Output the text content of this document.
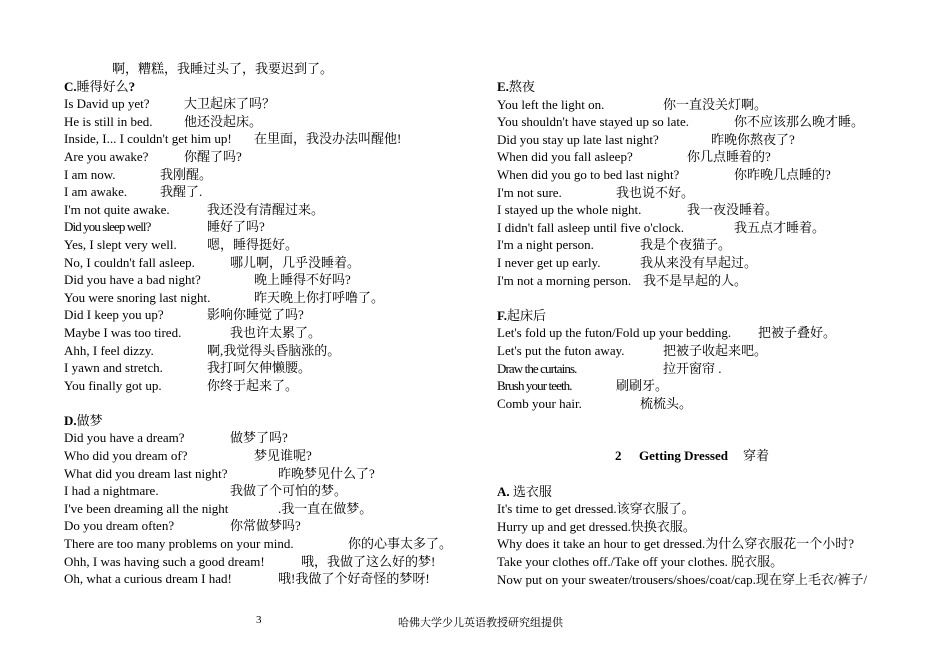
啊，糟糕，我睡过头了，我要迟到了。
C.睡得好么?
Is David up yet?	大卫起床了吗？
He is still in bed. 他还没起床。
Inside, I... I couldn't get him up! 在里面，我没办法叫醒他!
Are you awake?	你醒了吗?
I am now.	我刚醒。
I am awake.	我醒了.
I'm not quite awake.	我还没有清醒过来。
Did you sleep well?	睡好了吗?
Yes, I slept very well. 嗯，睡得挺好。
No, I couldn't fall asleep.	哪儿啊，几乎没睡着。
Did you have a bad night?	晚上睡得不好吗?
You were snoring last night.	昨天晚上你打呼噜了。
Did I keep you up?	影响你睡觉了吗?
Maybe I was too tired.	我也许太累了。
Ahh, I feel dizzy.	啊,我觉得头昏脑涨的。
I yawn and stretch.	我打呵欠伸懒腰。
You finally got up.	你终于起来了。
D.做梦
Did you have a dream?	做梦了吗?
Who did you dream of?	梦见谁呢?
What did you dream last night?	昨晚梦见什么了?
I had a nightmare.	我做了个可怕的梦。
I've been dreaming all the night	.我一直在做梦。
Do you dream often?	你常做梦吗?
There are too many problems on your mind.	你的心事太多了。
Ohh, I was having such a good dream!	哦，我做了这么好的梦!
Oh, what a curious dream I had!	哦!我做了个好奇怪的梦呀!
E.熬夜
You left the light on.	你一直没关灯啊。
You shouldn't have stayed up so late.	你不应该那么晚才睡。
Did you stay up late last night?	昨晚你熬夜了?
When did you fall asleep?	你几点睡着的?
When did you go to bed last night?	你昨晚几点睡的?
I'm not sure.	我也说不好。
I stayed up the whole night.	我一夜没睡着。
I didn't fall asleep until five o'clock.	我五点才睡着。
I'm a night person.	我是个夜猫子。
I never get up early.	我从来没有早起过。
I'm not a morning person. 我不是早起的人。
F.起床后
Let's fold up the futon/Fold up your bedding. 把被子叠好。
Let's put the futon away.	把被子收起来吧。
Draw the curtains.	拉开窗帘 .
Brush your teeth.	刷刷牙。
Comb your hair.	梳梳头。
2 Getting Dressed 穿着
A. 选衣服
It's time to get dressed.该穿衣服了。
Hurry up and get dressed.快换衣服。
Why does it take an hour to get dressed.为什么穿衣服花一个小时?
Take your clothes off./Take off your clothes. 脱衣服。
Now put on your sweater/trousers/shoes/coat/cap.现在穿上毛衣/裤子/
3	哈佛大学少儿英语教授研究组提供
